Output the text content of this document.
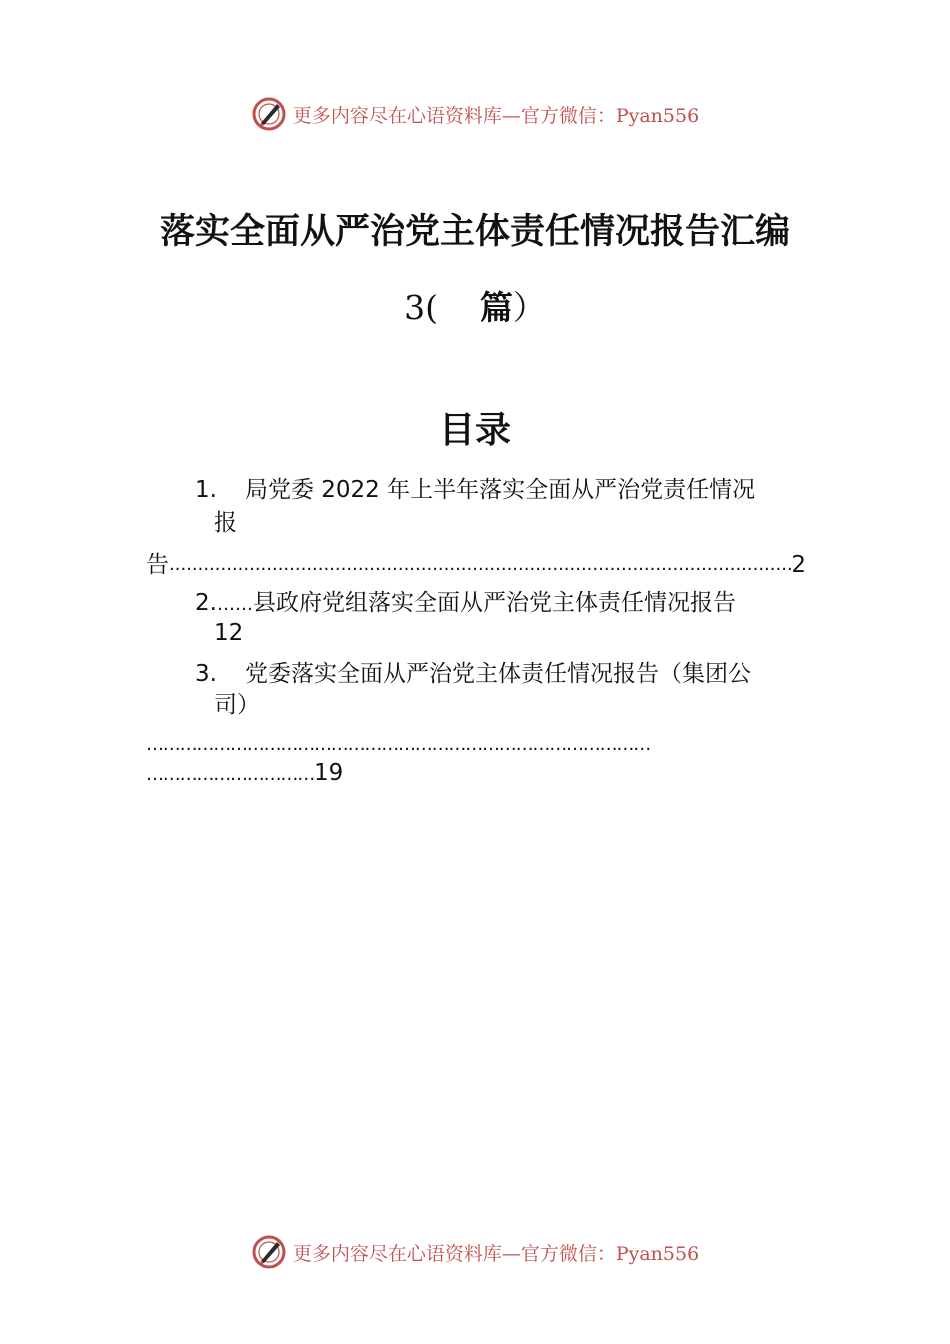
更多内容尽在心语资料库—官方微信：Pyan556
落实全面从严治党主体责任情况报告汇编
3( 篇）
目录
1. 局党委 2022 年上半年落实全面从严治党责任情况
报
告
.....	2
2.……县政府党组落实全面从严治党主体责任情况报告
12
3. 党委落实全面从严治党主体责任情况报告（集团公
司）
………………………………………………………………………………
…………………………19
更多内容尽在心语资料库—官方微信：Pyan556
